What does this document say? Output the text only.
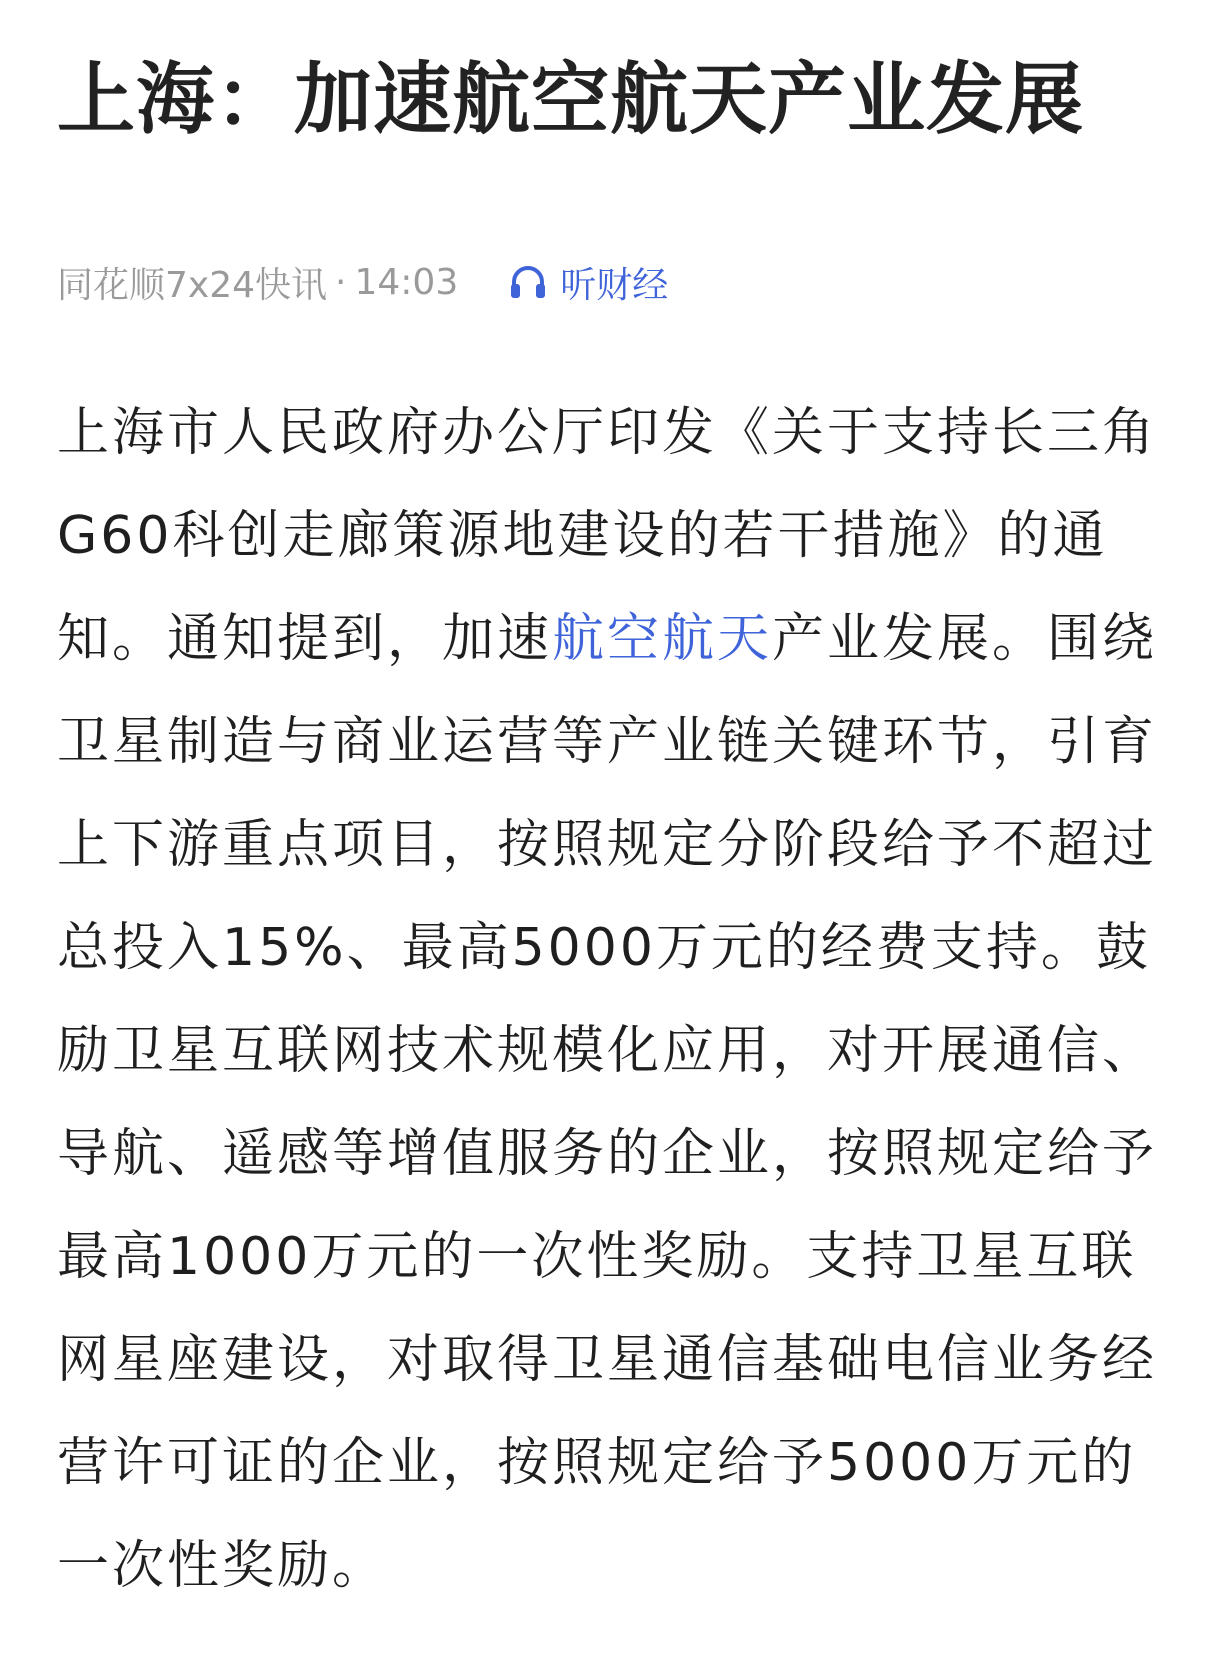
上海：加速航空航天产业发展
同花顺7x24快讯 · 14:03	听财经

上海市人民政府办公厅印发《关于支持长三角G60科创走廊策源地建设的若干措施》的通知。通知提到，加速航空航天产业发展。围绕卫星制造与商业运营等产业链关键环节，引育上下游重点项目，按照规定分阶段给予不超过总投入15%、最高5000万元的经费支持。鼓励卫星互联网技术规模化应用，对开展通信、导航、遥感等增值服务的企业，按照规定给予最高1000万元的一次性奖励。支持卫星互联网星座建设，对取得卫星通信基础电信业务经营许可证的企业，按照规定给予5000万元的一次性奖励。
